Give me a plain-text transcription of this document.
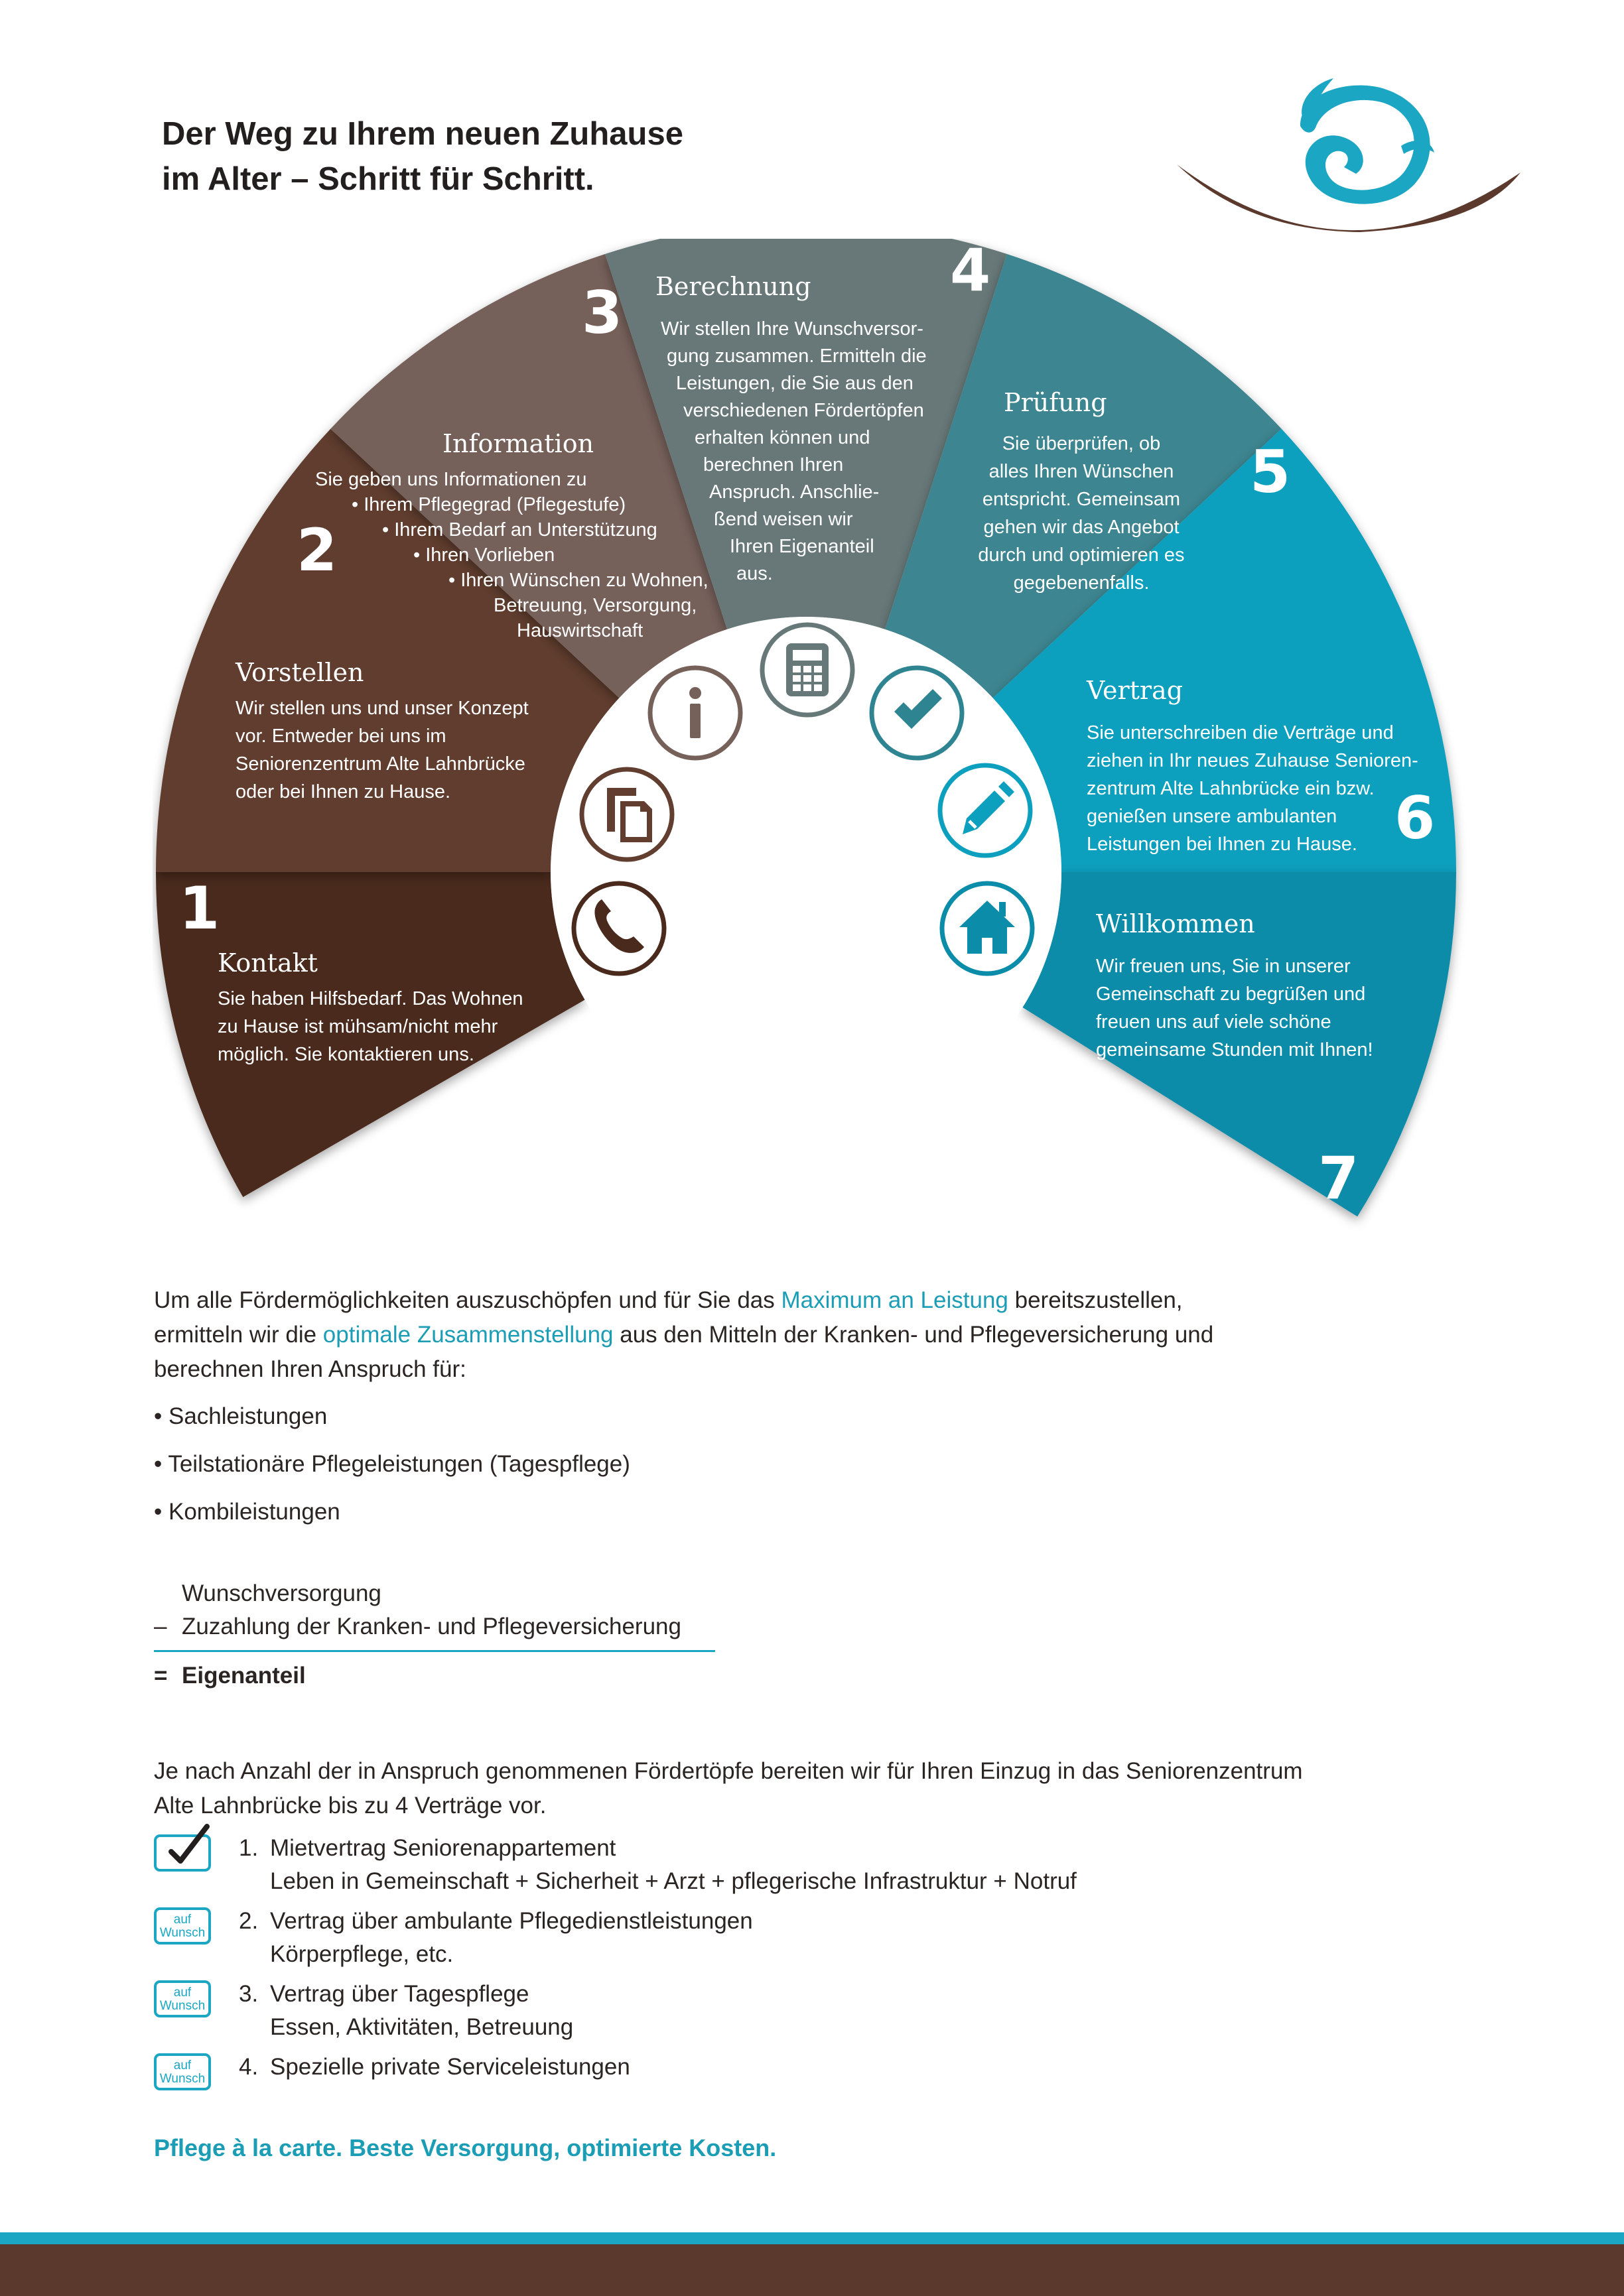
Der Weg zu Ihrem neuen Zuhause
im Alter – Schritt für Schritt.
1
Kontakt
Sie haben Hilfsbedarf. Das Wohnen
zu Hause ist mühsam/nicht mehr
möglich. Sie kontaktieren uns.
2
Vorstellen
Wir stellen uns und unser Konzept
vor. Entweder bei uns im
Seniorenzentrum Alte Lahnbrücke
oder bei Ihnen zu Hause.
3
Information
Sie geben uns Informationen zu
• Ihrem Pflegegrad (Pflegestufe)
• Ihrem Bedarf an Unterstützung
• Ihren Vorlieben
• Ihren Wünschen zu Wohnen,
Betreuung, Versorgung,
Hauswirtschaft
4
Berechnung
Wir stellen Ihre Wunschversor-
gung zusammen. Ermitteln die
Leistungen, die Sie aus den
verschiedenen Fördertöpfen
erhalten können und
berechnen Ihren
Anspruch. Anschlie-
ßend weisen wir
Ihren Eigenanteil
aus.
5
Prüfung
Sie überprüfen, ob
alles Ihren Wünschen
entspricht. Gemeinsam
gehen wir das Angebot
durch und optimieren es
gegebenenfalls.
6
Vertrag
Sie unterschreiben die Verträge und
ziehen in Ihr neues Zuhause Senioren-
zentrum Alte Lahnbrücke ein bzw.
genießen unsere ambulanten
Leistungen bei Ihnen zu Hause.
7
Willkommen
Wir freuen uns, Sie in unserer
Gemeinschaft zu begrüßen und
freuen uns auf viele schöne
gemeinsame Stunden mit Ihnen!
Um alle Fördermöglichkeiten auszuschöpfen und für Sie das Maximum an Leistung bereitszustellen, ermitteln wir die optimale Zusammenstellung aus den Mitteln der Kranken- und Pflegeversicherung und berechnen Ihren Anspruch für:
• Sachleistungen
• Teilstationäre Pflegeleistungen (Tagespflege)
• Kombileistungen
Wunschversorgung
– Zuzahlung der Kranken- und Pflegeversicherung
= Eigenanteil
Je nach Anzahl der in Anspruch genommenen Fördertöpfe bereiten wir für Ihren Einzug in das Seniorenzentrum Alte Lahnbrücke bis zu 4 Verträge vor.
1. Mietvertrag Seniorenappartement
Leben in Gemeinschaft + Sicherheit + Arzt + pflegerische Infrastruktur + Notruf
auf
Wunsch 2. Vertrag über ambulante Pflegedienstleistungen
Körperpflege, etc.
auf
Wunsch 3. Vertrag über Tagespflege
Essen, Aktivitäten, Betreuung
auf
Wunsch 4. Spezielle private Serviceleistungen
Pflege à la carte. Beste Versorgung, optimierte Kosten.
